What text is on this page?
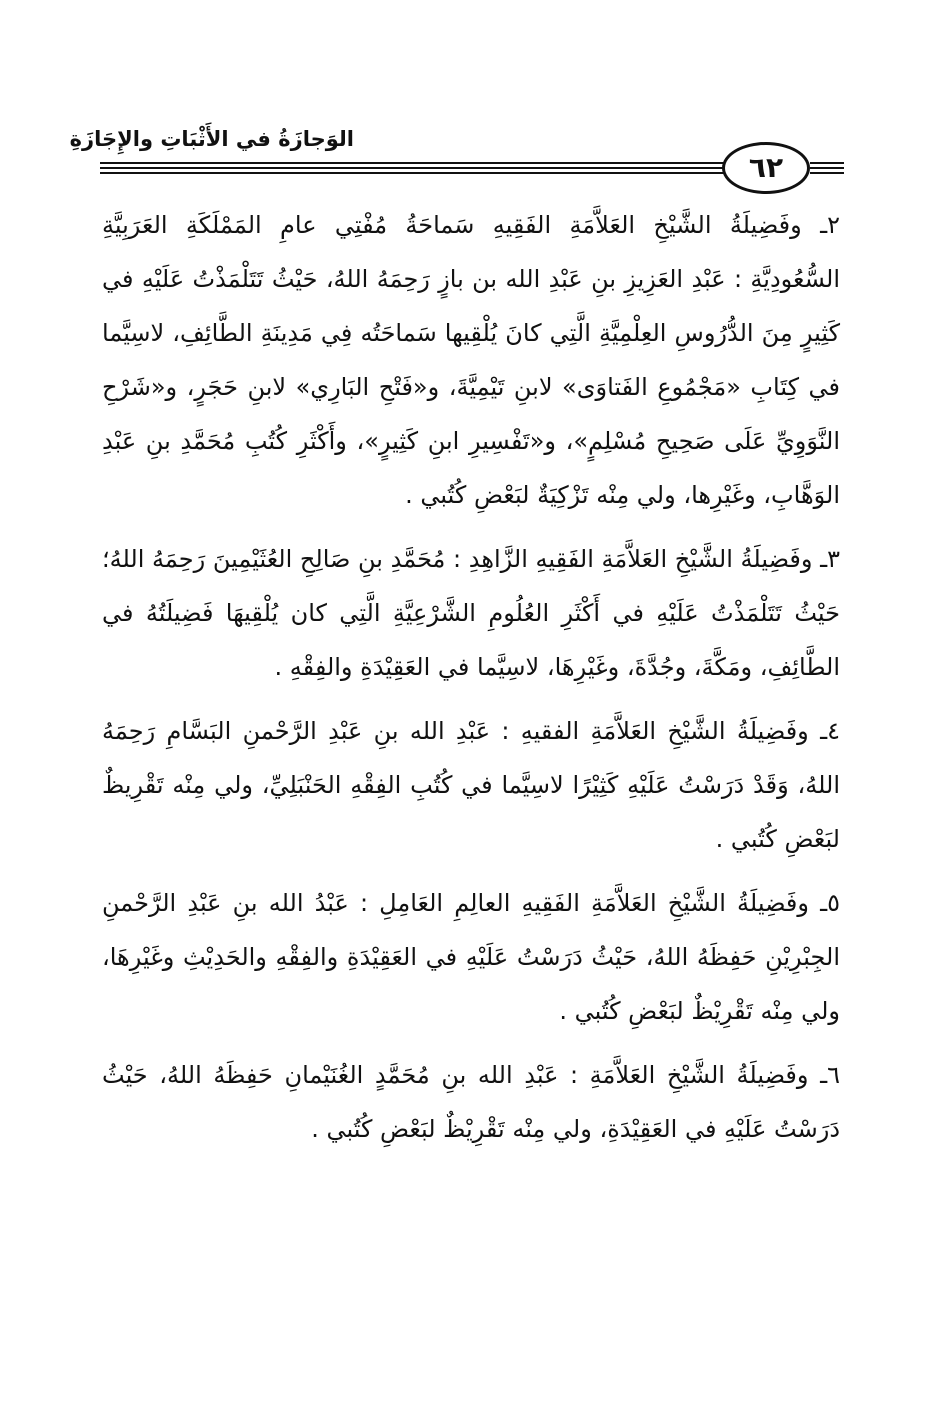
الوَجازَةُ في الأَثْبَاتِ والإِجَازَةِ
٦٢

٢ـ وفَضِيلَةُ الشَّيْخِ العَلاَّمَةِ الفَقِيهِ سَماحَةُ مُفْتِي عامِ المَمْلَكَةِ العَرَبِيَّةِ السُّعُودِيَّةِ : عَبْدِ العَزِيزِ بنِ عَبْدِ الله بن بازٍ رَحِمَهُ اللهُ، حَيْثُ تَتَلْمَذْتُ عَلَيْهِ في كَثِيرٍ مِنَ الدُّرُوسِ العِلْمِيَّةِ الَّتِي كانَ يُلْقِيها سَماحَتُه فِي مَدِينَةِ الطَّائِفِ، لاسِيَّما في كِتَابِ «مَجْمُوعِ الفَتاوَى» لابنِ تَيْمِيَّةَ، و«فَتْحِ البَارِي» لابنِ حَجَرٍ، و«شَرْحِ النَّوَوِيِّ عَلَى صَحِيحِ مُسْلِمٍ»، و«تَفْسِيرِ ابنِ كَثِيرٍ»، وأَكْثَرِ كُتُبِ مُحَمَّدِ بنِ عَبْدِ الوَهَّابِ، وغَيْرِها، ولي مِنْه تَزْكِيَةٌ لبَعْضِ كُتُبي .

٣ـ وفَضِيلَةُ الشَّيْخِ العَلاَّمَةِ الفَقِيهِ الزَّاهِدِ : مُحَمَّدِ بنِ صَالِحِ العُثَيْمِينَ رَحِمَهُ اللهُ؛ حَيْثُ تَتَلْمَذْتُ عَلَيْهِ في أَكْثَرِ العُلُومِ الشَّرْعِيَّةِ الَّتِي كان يُلْقِيهَا فَضِيلَتُهُ في الطَّائِفِ، ومَكَّةَ، وجُدَّةَ، وغَيْرِهَا، لاسِيَّما في العَقِيْدَةِ والفِقْهِ .

٤ـ وفَضِيلَةُ الشَّيْخِ العَلاَّمَةِ الفقيهِ : عَبْدِ الله بنِ عَبْدِ الرَّحْمنِ البَسَّامِ رَحِمَهُ اللهُ، وَقَدْ دَرَسْتُ عَلَيْهِ كَثِيْرًا لاسِيَّما في كُتُبِ الفِقْهِ الحَنْبَلِيِّ، ولي مِنْه تَقْرِيظٌ لبَعْضِ كُتُبي .

٥ـ وفَضِيلَةُ الشَّيْخِ العَلاَّمَةِ الفَقِيهِ العالِمِ العَامِلِ : عَبْدُ الله بنِ عَبْدِ الرَّحْمنِ الجِبْرِيْنِ حَفِظَهُ اللهُ، حَيْثُ دَرَسْتُ عَلَيْهِ في العَقِيْدَةِ والفِقْهِ والحَدِيْثِ وغَيْرِهَا، ولي مِنْه تَقْرِيْظٌ لبَعْضِ كُتُبي .

٦ـ وفَضِيلَةُ الشَّيْخِ العَلاَّمَةِ : عَبْدِ الله بنِ مُحَمَّدٍ الغُنَيْمانِ حَفِظَهُ اللهُ، حَيْثُ دَرَسْتُ عَلَيْهِ في العَقِيْدَةِ، ولي مِنْه تَقْرِيْظٌ لبَعْضِ كُتُبي .
